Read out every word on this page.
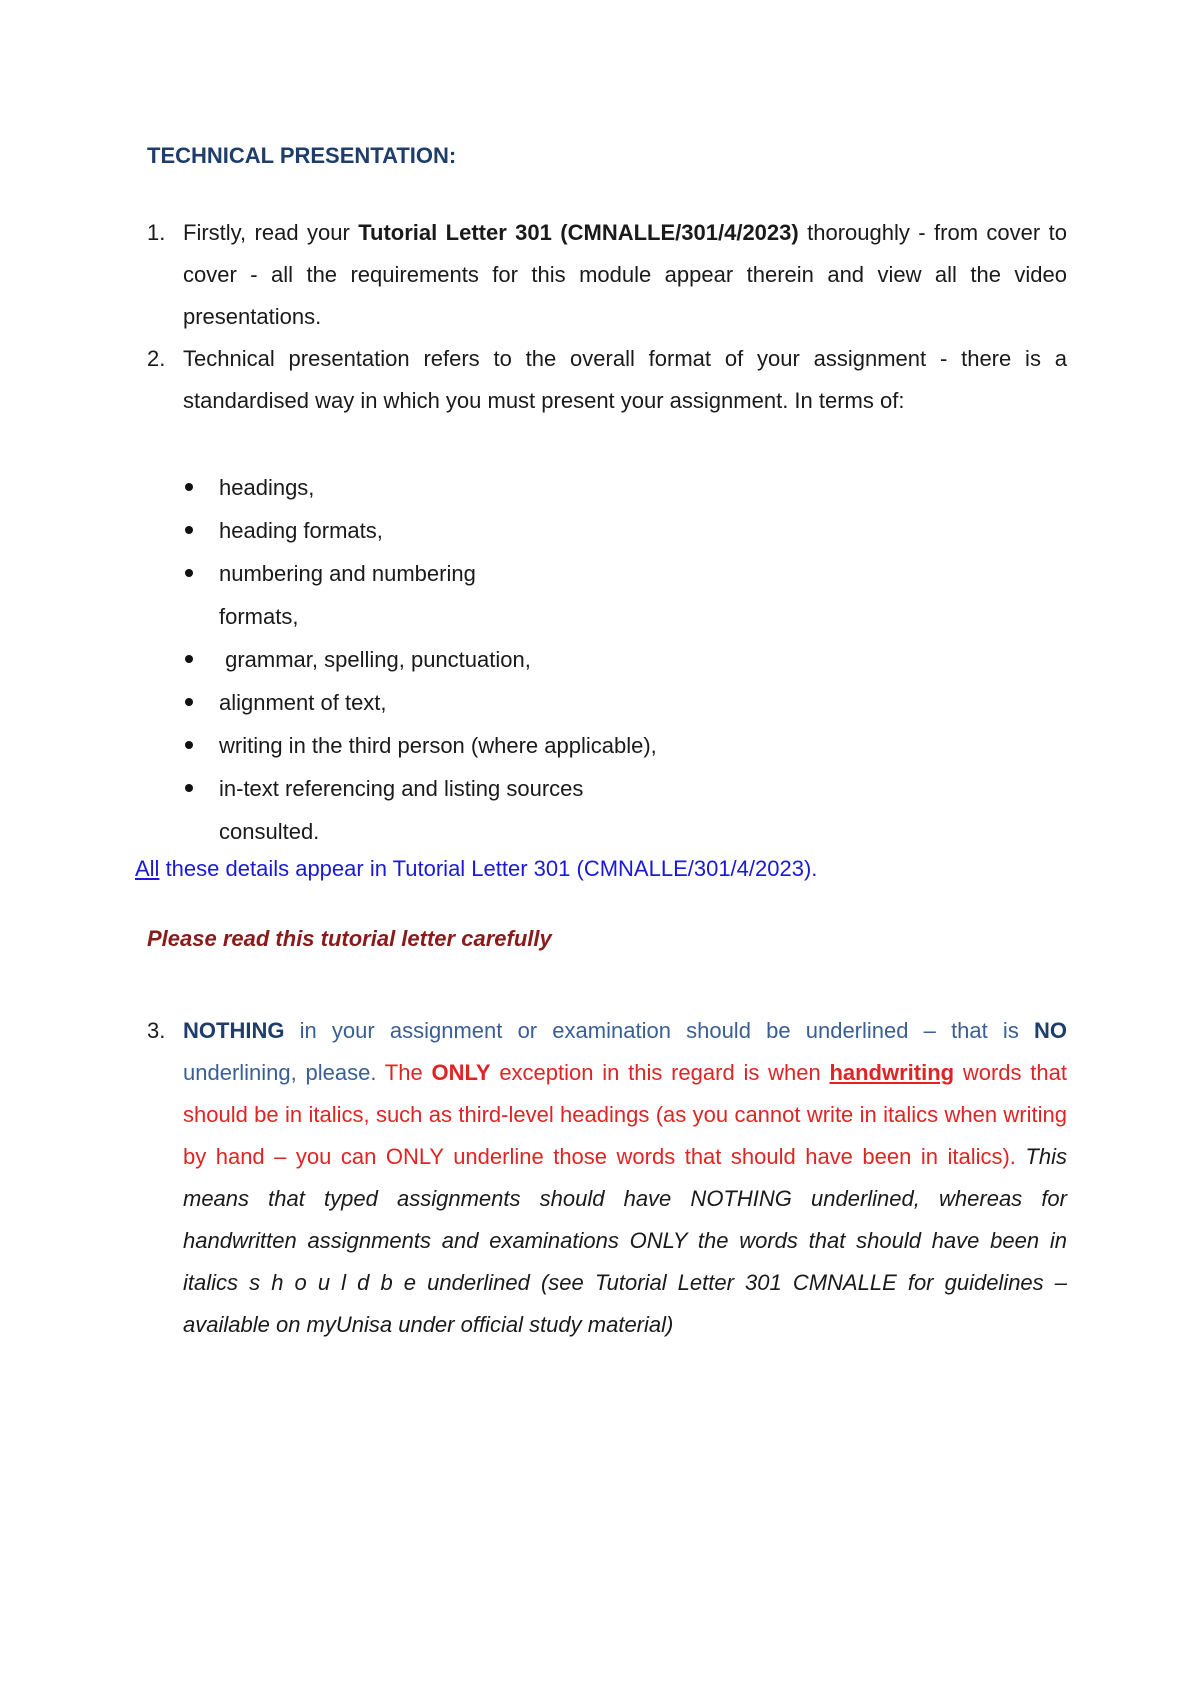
TECHNICAL PRESENTATION:
1. Firstly, read your Tutorial Letter 301 (CMNALLE/301/4/2023) thoroughly - from cover to cover - all the requirements for this module appear therein and view all the video presentations.
2. Technical presentation refers to the overall format of your assignment - there is a standardised way in which you must present your assignment. In terms of:
headings,
heading formats,
numbering and numbering formats,
grammar, spelling, punctuation,
alignment of text,
writing in the third person (where applicable),
in-text referencing and listing sources consulted.
All these details appear in Tutorial Letter 301 (CMNALLE/301/4/2023).
Please read this tutorial letter carefully
3. NOTHING in your assignment or examination should be underlined – that is NO underlining, please. The ONLY exception in this regard is when handwriting words that should be in italics, such as third-level headings (as you cannot write in italics when writing by hand – you can ONLY underline those words that should have been in italics). This means that typed assignments should have NOTHING underlined, whereas for handwritten assignments and examinations ONLY the words that should have been in italics s h o u l d b e underlined (see Tutorial Letter 301 CMNALLE for guidelines – available on myUnisa under official study material)
